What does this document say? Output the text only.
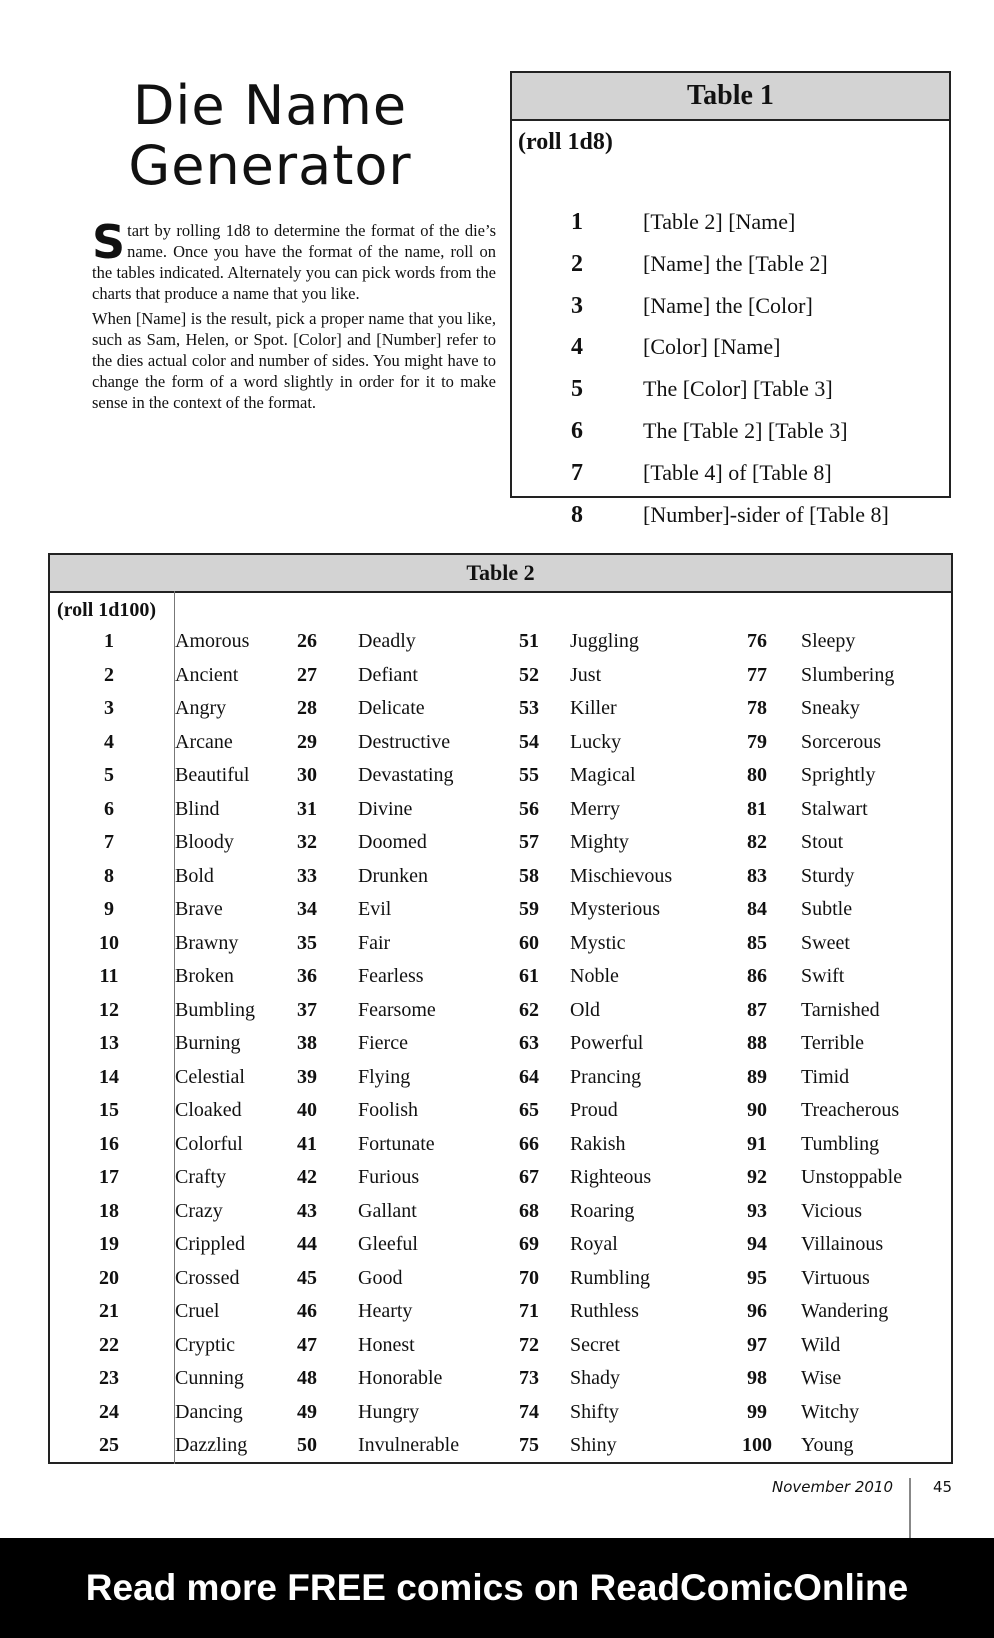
Die Name
Generator

Start by rolling 1d8 to determine the format of the die’s name. Once you have the format of the name, roll on the tables indicated. Alternately you can pick words from the charts that produce a name that you like.

When [Name] is the result, pick a proper name that you like, such as Sam, Helen, or Spot. [Color] and [Number] refer to the dies actual color and number of sides. You might have to change the form of a word slightly in order for it to make sense in the context of the format.

Table 1
(roll 1d8)
1	[Table 2] [Name]
2	[Name] the [Table 2]
3	[Name] the [Color]
4	[Color] [Name]
5	The [Color] [Table 3]
6	The [Table 2] [Table 3]
7	[Table 4] of [Table 8]
8	[Number]-sider of [Table 8]
Table 2
(roll 1d100)
1	Amorous
2	Ancient
3	Angry
4	Arcane
5	Beautiful
6	Blind
7	Bloody
8	Bold
9	Brave
10	Brawny
11	Broken
12	Bumbling
13	Burning
14	Celestial
15	Cloaked
16	Colorful
17	Crafty
18	Crazy
19	Crippled
20	Crossed
21	Cruel
22	Cryptic
23	Cunning
24	Dancing
25	Dazzling
26	Deadly
27	Defiant
28	Delicate
29	Destructive
30	Devastating
31	Divine
32	Doomed
33	Drunken
34	Evil
35	Fair
36	Fearless
37	Fearsome
38	Fierce
39	Flying
40	Foolish
41	Fortunate
42	Furious
43	Gallant
44	Gleeful
45	Good
46	Hearty
47	Honest
48	Honorable
49	Hungry
50	Invulnerable
51	Juggling
52	Just
53	Killer
54	Lucky
55	Magical
56	Merry
57	Mighty
58	Mischievous
59	Mysterious
60	Mystic
61	Noble
62	Old
63	Powerful
64	Prancing
65	Proud
66	Rakish
67	Righteous
68	Roaring
69	Royal
70	Rumbling
71	Ruthless
72	Secret
73	Shady
74	Shifty
75	Shiny
76	Sleepy
77	Slumbering
78	Sneaky
79	Sorcerous
80	Sprightly
81	Stalwart
82	Stout
83	Sturdy
84	Subtle
85	Sweet
86	Swift
87	Tarnished
88	Terrible
89	Timid
90	Treacherous
91	Tumbling
92	Unstoppable
93	Vicious
94	Villainous
95	Virtuous
96	Wandering
97	Wild
98	Wise
99	Witchy
100	Young
November 2010	45
Read more FREE comics on ReadComicOnline
